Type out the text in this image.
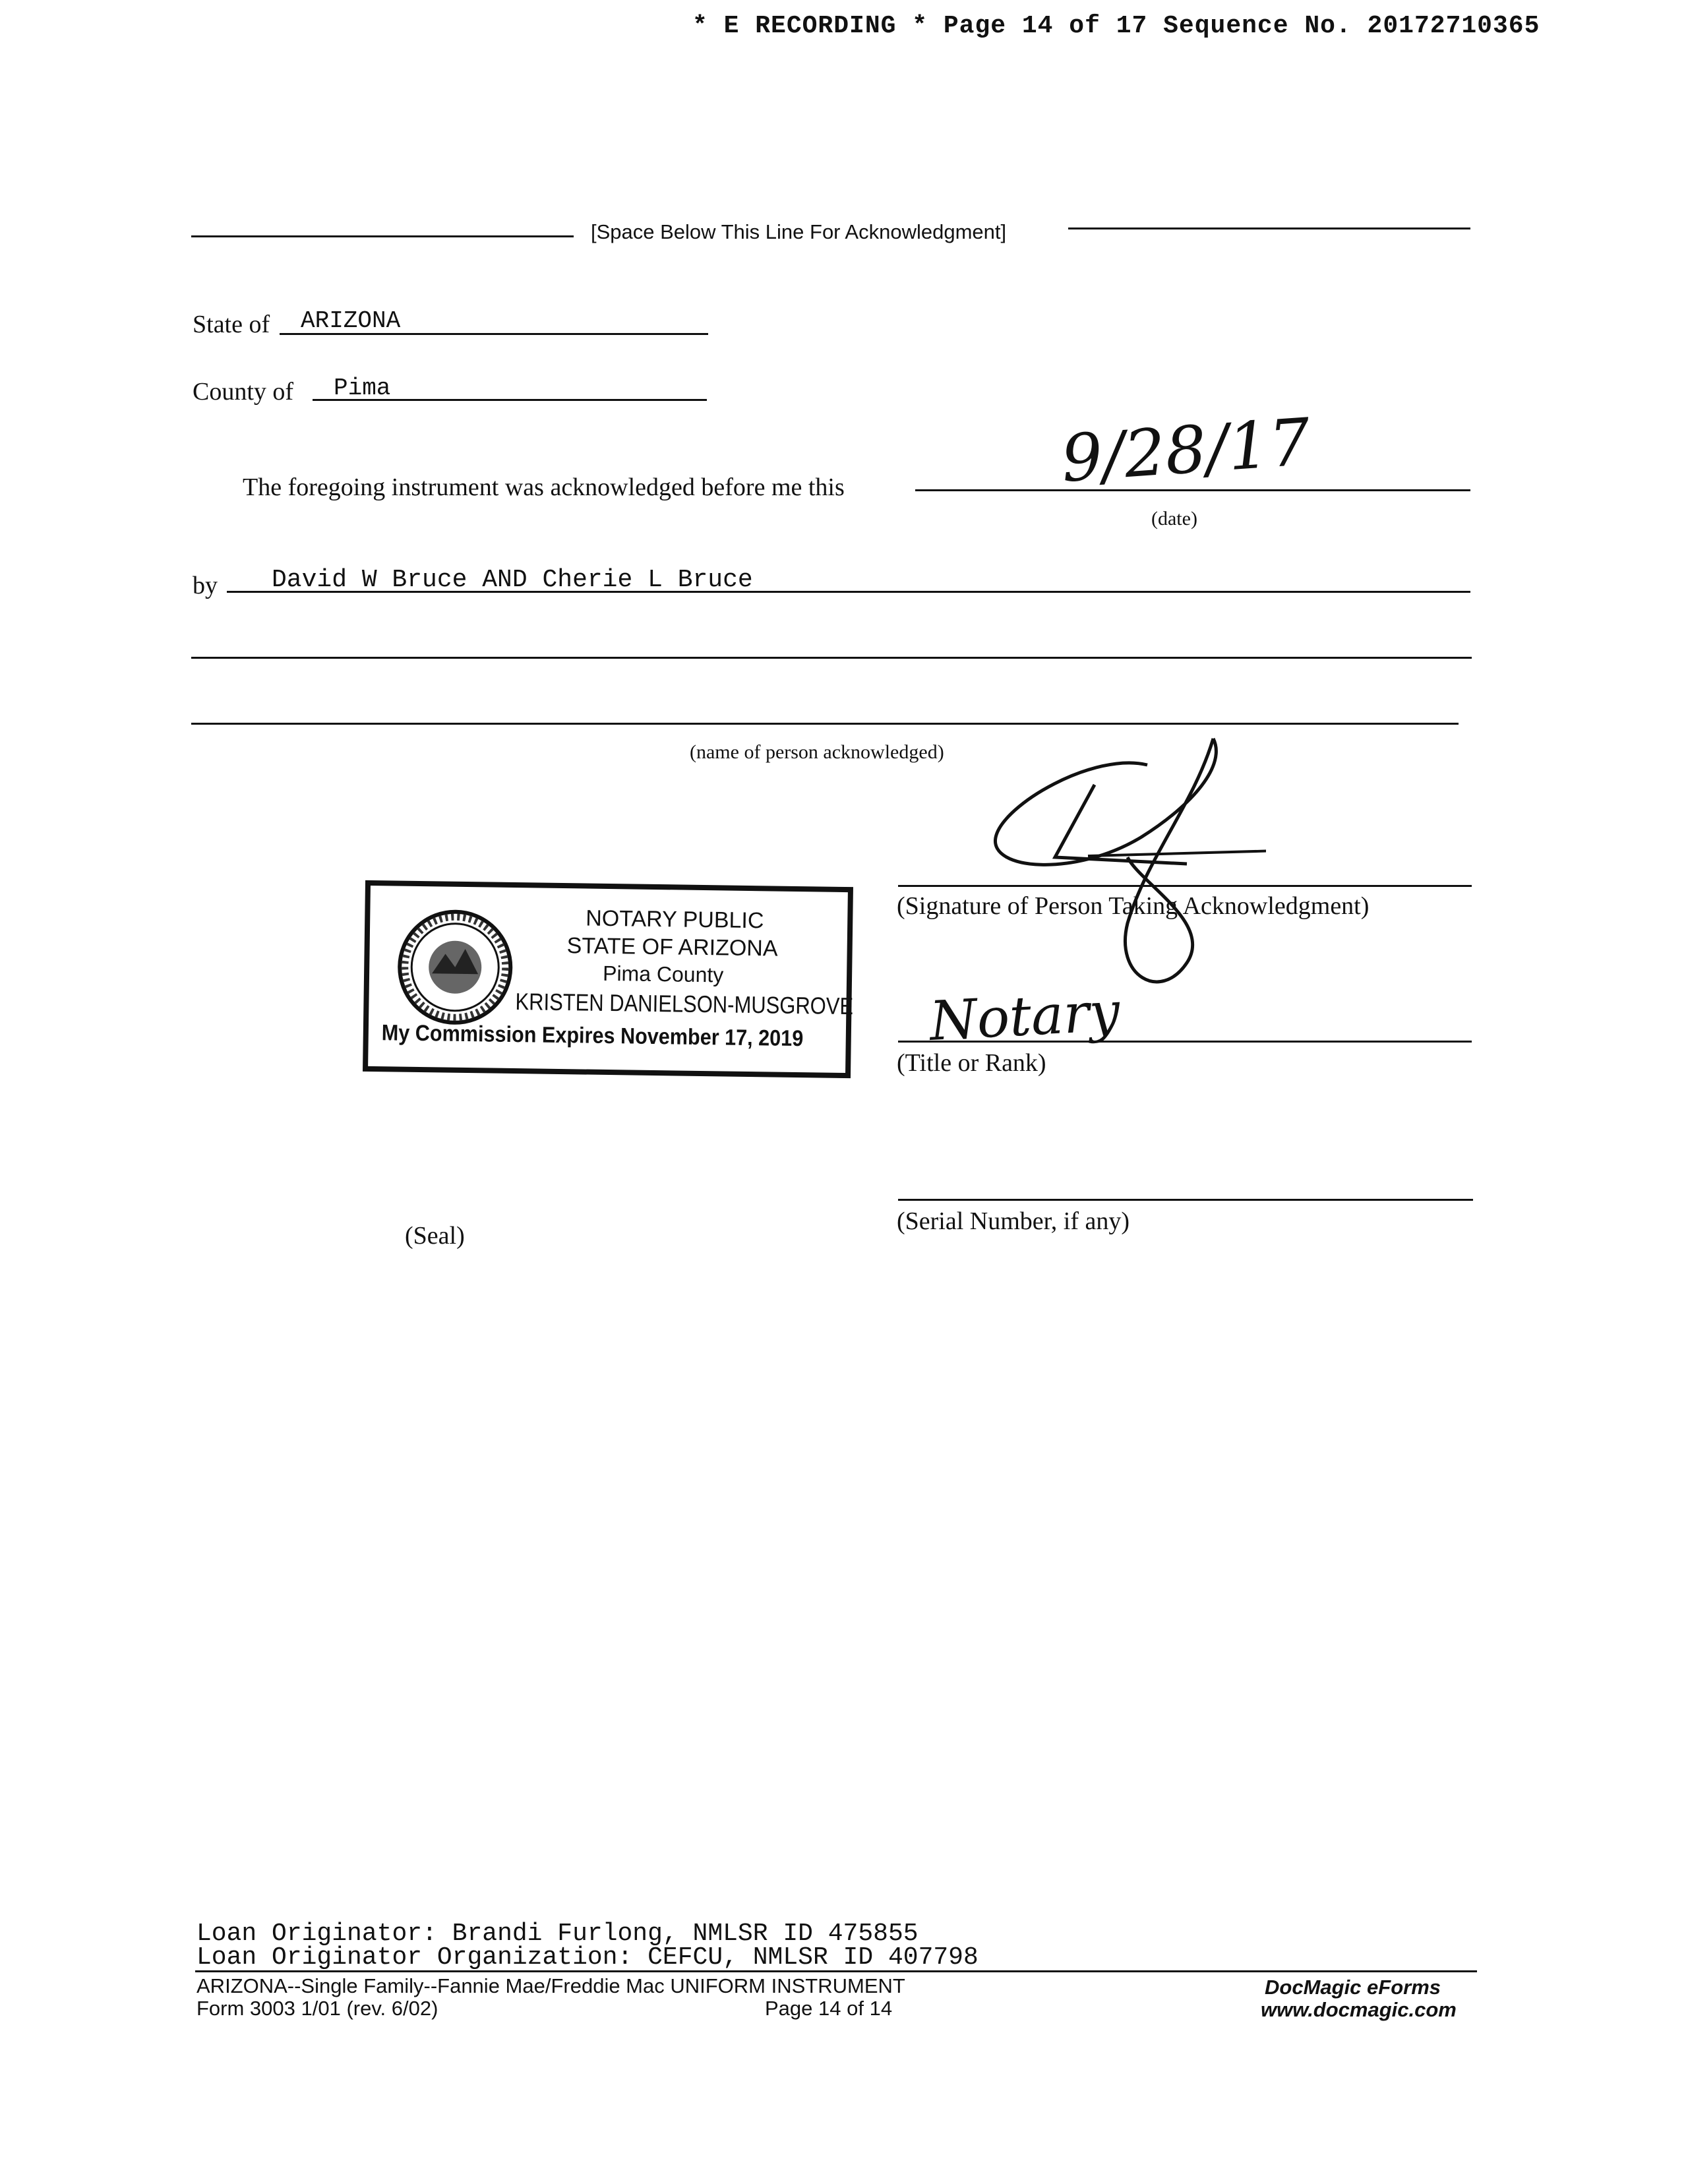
* E RECORDING * Page 14 of 17 Sequence No. 20172710365
[Space Below This Line For Acknowledgment]
State of ARIZONA
County of Pima
The foregoing instrument was acknowledged before me this	9/28/17
(date)
by David W Bruce AND Cherie L Bruce
(name of person acknowledged)
NOTARY PUBLIC
STATE OF ARIZONA
Pima County
KRISTEN DANIELSON-MUSGROVE
My Commission Expires November 17, 2019
(Seal)
(Signature of Person Taking Acknowledgment)
Notary
(Title or Rank)
(Serial Number, if any)
Loan Originator: Brandi Furlong, NMLSR ID 475855
Loan Originator Organization: CEFCU, NMLSR ID 407798
ARIZONA--Single Family--Fannie Mae/Freddie Mac UNIFORM INSTRUMENT
Form 3003 1/01 (rev. 6/02)	Page 14 of 14
DocMagic eForms
www.docmagic.com
